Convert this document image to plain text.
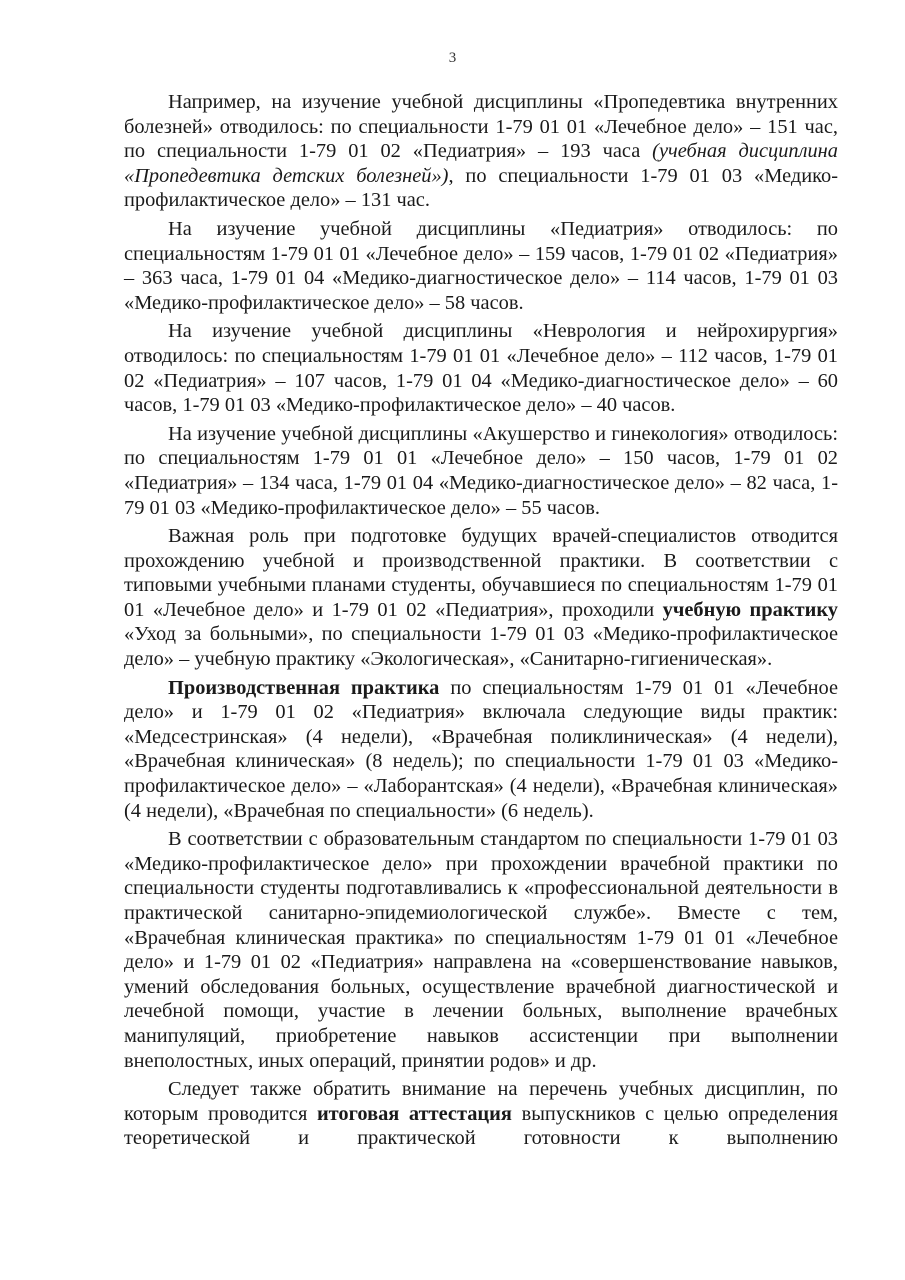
3

Например, на изучение учебной дисциплины «Пропедевтика внутренних болезней» отводилось: по специальности 1-79 01 01 «Лечебное дело» – 151 час, по специальности 1-79 01 02 «Педиатрия» – 193 часа (учебная дисциплина «Пропедевтика детских болезней»), по специальности 1-79 01 03 «Медико-профилактическое дело» – 131 час.

На изучение учебной дисциплины «Педиатрия» отводилось: по специальностям 1-79 01 01 «Лечебное дело» – 159 часов, 1-79 01 02 «Педиатрия» – 363 часа, 1-79 01 04 «Медико-диагностическое дело» – 114 часов, 1-79 01 03 «Медико-профилактическое дело» – 58 часов.

На изучение учебной дисциплины «Неврология и нейрохирургия» отводилось: по специальностям 1-79 01 01 «Лечебное дело» – 112 часов, 1-79 01 02 «Педиатрия» – 107 часов, 1-79 01 04 «Медико-диагностическое дело» – 60 часов, 1-79 01 03 «Медико-профилактическое дело» – 40 часов.

На изучение учебной дисциплины «Акушерство и гинекология» отводилось: по специальностям 1-79 01 01 «Лечебное дело» – 150 часов, 1-79 01 02 «Педиатрия» – 134 часа, 1-79 01 04 «Медико-диагностическое дело» – 82 часа, 1-79 01 03 «Медико-профилактическое дело» – 55 часов.

Важная роль при подготовке будущих врачей-специалистов отводится прохождению учебной и производственной практики. В соответствии с типовыми учебными планами студенты, обучавшиеся по специальностям 1-79 01 01 «Лечебное дело» и 1-79 01 02 «Педиатрия», проходили учебную практику «Уход за больными», по специальности 1-79 01 03 «Медико-профилактическое дело» – учебную практику «Экологическая», «Санитарно-гигиеническая».

Производственная практика по специальностям 1-79 01 01 «Лечебное дело» и 1-79 01 02 «Педиатрия» включала следующие виды практик: «Медсестринская» (4 недели), «Врачебная поликлиническая» (4 недели), «Врачебная клиническая» (8 недель); по специальности 1-79 01 03 «Медико-профилактическое дело» – «Лаборантская» (4 недели), «Врачебная клиническая» (4 недели), «Врачебная по специальности» (6 недель).

В соответствии с образовательным стандартом по специальности 1-79 01 03 «Медико-профилактическое дело» при прохождении врачебной практики по специальности студенты подготавливались к «профессиональной деятельности в практической санитарно-эпидемиологической службе». Вместе с тем, «Врачебная клиническая практика» по специальностям 1-79 01 01 «Лечебное дело» и 1-79 01 02 «Педиатрия» направлена на «совершенствование навыков, умений обследования больных, осуществление врачебной диагностической и лечебной помощи, участие в лечении больных, выполнение врачебных манипуляций, приобретение навыков ассистенции при выполнении внеполостных, иных операций, принятии родов» и др.

Следует также обратить внимание на перечень учебных дисциплин, по которым проводится итоговая аттестация выпускников с целью определения теоретической и практической готовности к выполнению
